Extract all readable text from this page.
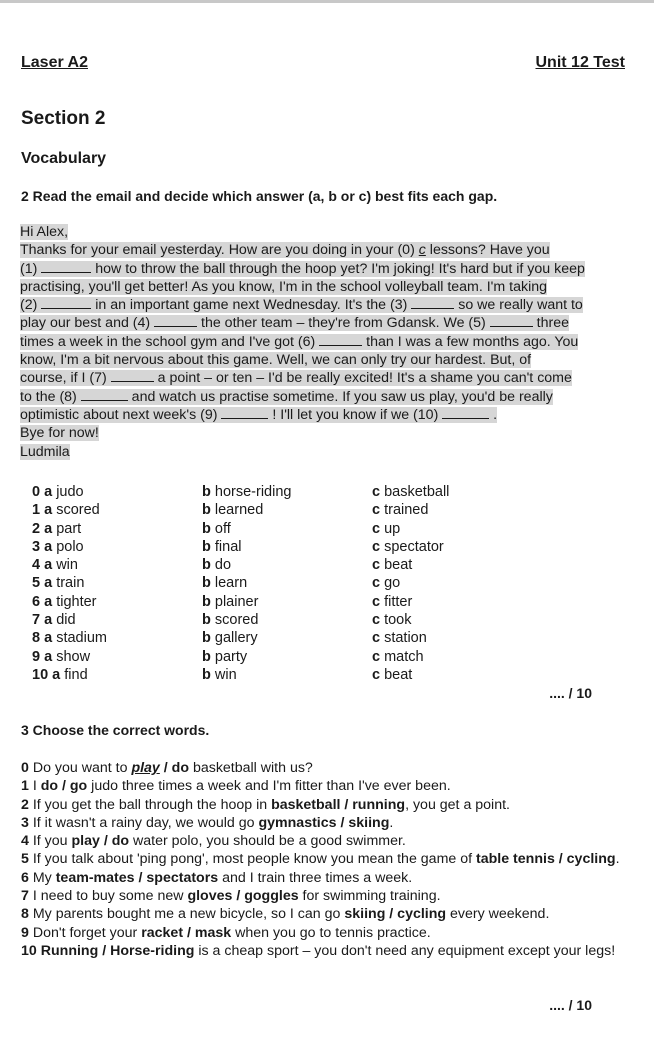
Laser A2	Unit 12 Test
Section 2
Vocabulary
2 Read the email and decide which answer (a, b or c) best fits each gap.
Hi Alex,
Thanks for your email yesterday. How are you doing in your (0) c lessons? Have you
(1)	how to throw the ball through the hoop yet? I'm joking! It's hard but if you keep
practising, you'll get better! As you know, I'm in the school volleyball team. I'm taking
(2)	in an important game next Wednesday. It's the (3)	so we really want to
play our best and (4)	the other team – they're from Gdansk. We (5)	three
times a week in the school gym and I've got (6)	than I was a few months ago. You
know, I'm a bit nervous about this game. Well, we can only try our hardest. But, of
course, if I (7)	a point – or ten – I'd be really excited! It's a shame you can't come
to the (8)	and watch us practise sometime. If you saw us play, you'd be really
optimistic about next week's (9)	! I'll let you know if we (10)	.
Bye for now!
Ludmila
0 a judo	b horse-riding	c basketball
1 a scored	b learned	c trained
2 a part	b off	c up
3 a polo	b final	c spectator
4 a win	b do	c beat
5 a train	b learn	c go
6 a tighter	b plainer	c fitter
7 a did	b scored	c took
8 a stadium	b gallery	c station
9 a show	b party	c match
10 a find	b win	c beat
.... / 10
3 Choose the correct words.
0 Do you want to play / do basketball with us?
1 I do / go judo three times a week and I'm fitter than I've ever been.
2 If you get the ball through the hoop in basketball / running, you get a point.
3 If it wasn't a rainy day, we would go gymnastics / skiing.
4 If you play / do water polo, you should be a good swimmer.
5 If you talk about 'ping pong', most people know you mean the game of table tennis / cycling.
6 My team-mates / spectators and I train three times a week.
7 I need to buy some new gloves / goggles for swimming training.
8 My parents bought me a new bicycle, so I can go skiing / cycling every weekend.
9 Don't forget your racket / mask when you go to tennis practice.
10 Running / Horse-riding is a cheap sport – you don't need any equipment except your legs!
.... / 10
